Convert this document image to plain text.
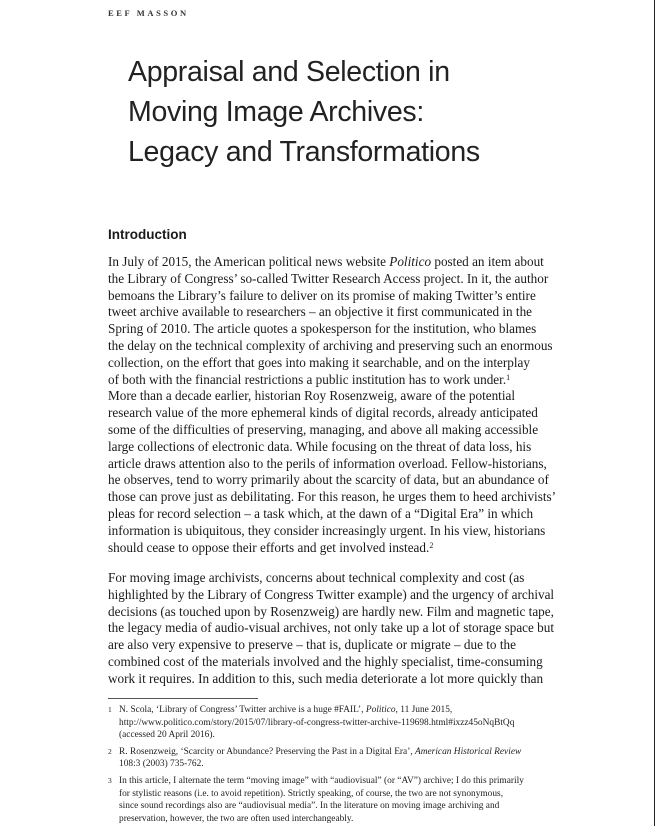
EEF MASSON
Appraisal and Selection in
Moving Image Archives:
Legacy and Transformations
Introduction
In July of 2015, the American political news website Politico posted an item about
the Library of Congress’ so-called Twitter Research Access project. In it, the author
bemoans the Library’s failure to deliver on its promise of making Twitter’s entire
tweet archive available to researchers – an objective it first communicated in the
Spring of 2010. The article quotes a spokesperson for the institution, who blames
the delay on the technical complexity of archiving and preserving such an enormous
collection, on the effort that goes into making it searchable, and on the interplay
of both with the financial restrictions a public institution has to work under.$^1$
More than a decade earlier, historian Roy Rosenzweig, aware of the potential
research value of the more ephemeral kinds of digital records, already anticipated
some of the difficulties of preserving, managing, and above all making accessible
large collections of electronic data. While focusing on the threat of data loss, his
article draws attention also to the perils of information overload. Fellow-historians,
he observes, tend to worry primarily about the scarcity of data, but an abundance of
those can prove just as debilitating. For this reason, he urges them to heed archivists’
pleas for record selection – a task which, at the dawn of a “Digital Era” in which
information is ubiquitous, they consider increasingly urgent. In his view, historians
should cease to oppose their efforts and get involved instead.$^2$
For moving image archivists, concerns about technical complexity and cost (as
highlighted by the Library of Congress Twitter example) and the urgency of archival
decisions (as touched upon by Rosenzweig) are hardly new. Film and magnetic tape,
the legacy media of audio-visual archives, not only take up a lot of storage space but
are also very expensive to preserve – that is, duplicate or migrate – due to the
combined cost of the materials involved and the highly specialist, time-consuming
work it requires. In addition to this, such media deteriorate a lot more quickly than
1 N. Scola, ‘Library of Congress’ Twitter archive is a huge #FAIL’, Politico, 11 June 2015,
http://www.politico.com/story/2015/07/library-of-congress-twitter-archive-119698.html#ixzz45oNqBtQq
(accessed 20 April 2016).
2 R. Rosenzweig, ‘Scarcity or Abundance? Preserving the Past in a Digital Era’, American Historical Review
108:3 (2003) 735-762.
3 In this article, I alternate the term “moving image” with “audiovisual” (or “AV”) archive; I do this primarily
for stylistic reasons (i.e. to avoid repetition). Strictly speaking, of course, the two are not synonymous,
since sound recordings also are “audiovisual media”. In the literature on moving image archiving and
preservation, however, the two are often used interchangeably.
